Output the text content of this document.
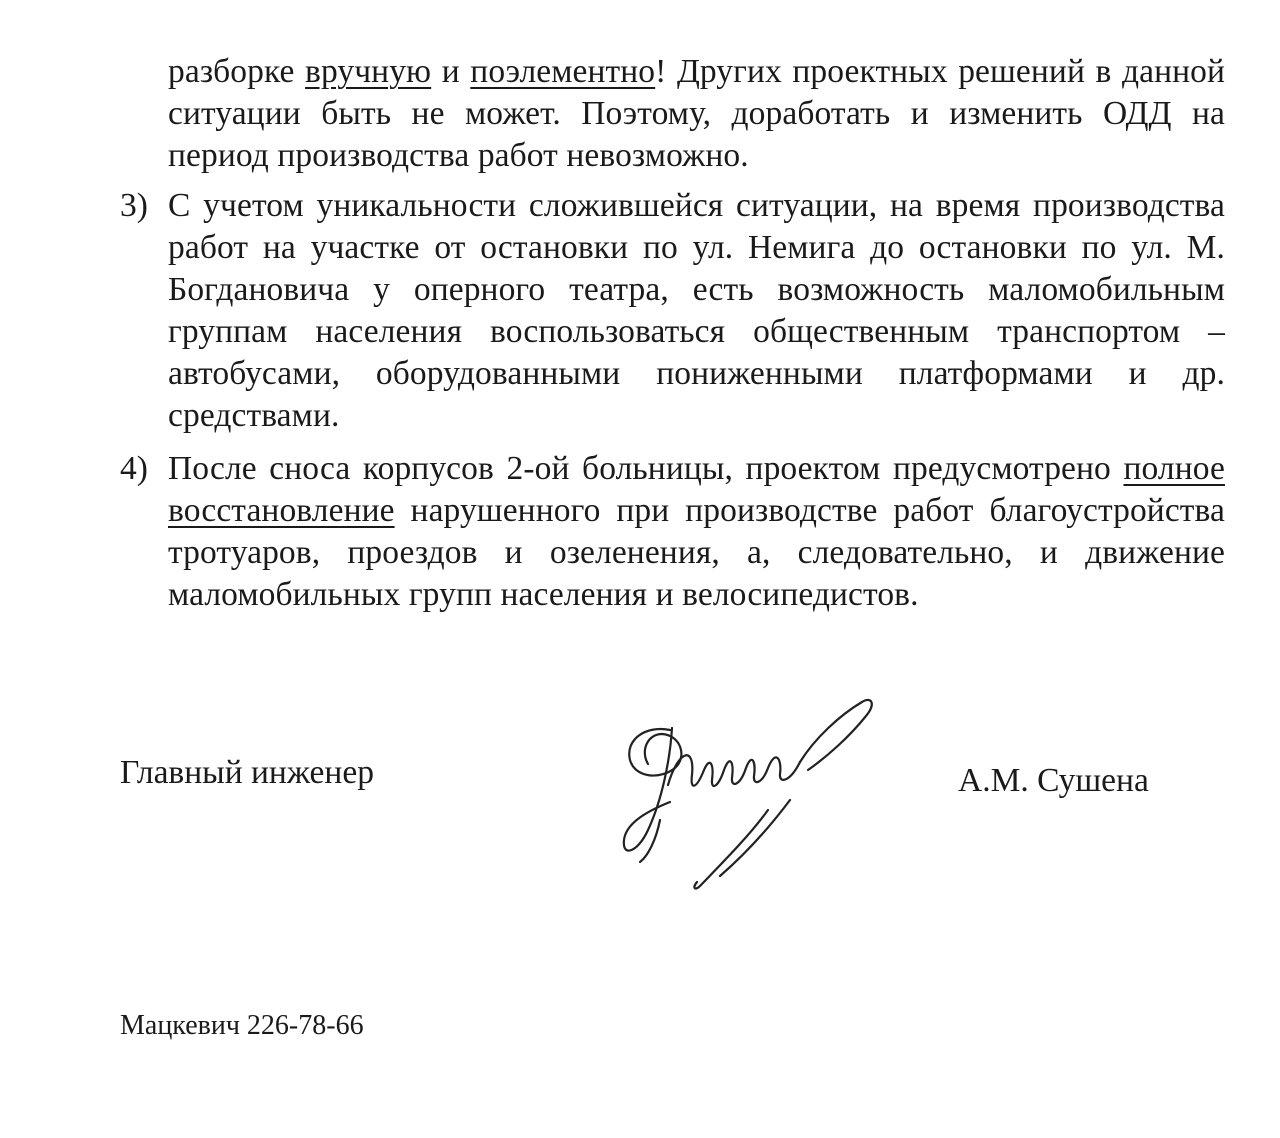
разборке вручную и поэлементно! Других проектных решений в данной ситуации быть не может. Поэтому, доработать и изменить ОДД на период производства работ невозможно.
3) С учетом уникальности сложившейся ситуации, на время производства работ на участке от остановки по ул. Немига до остановки по ул. М. Богдановича у оперного театра, есть возможность маломобильным группам населения воспользоваться общественным транспортом – автобусами, оборудованными пониженными платформами и др. средствами.
4) После сноса корпусов 2-ой больницы, проектом предусмотрено полное восстановление нарушенного при производстве работ благоустройства тротуаров, проездов и озеленения, а, следовательно, и движение маломобильных групп населения и велосипедистов.
Главный инженер	А.М. Сушена
Мацкевич 226-78-66
